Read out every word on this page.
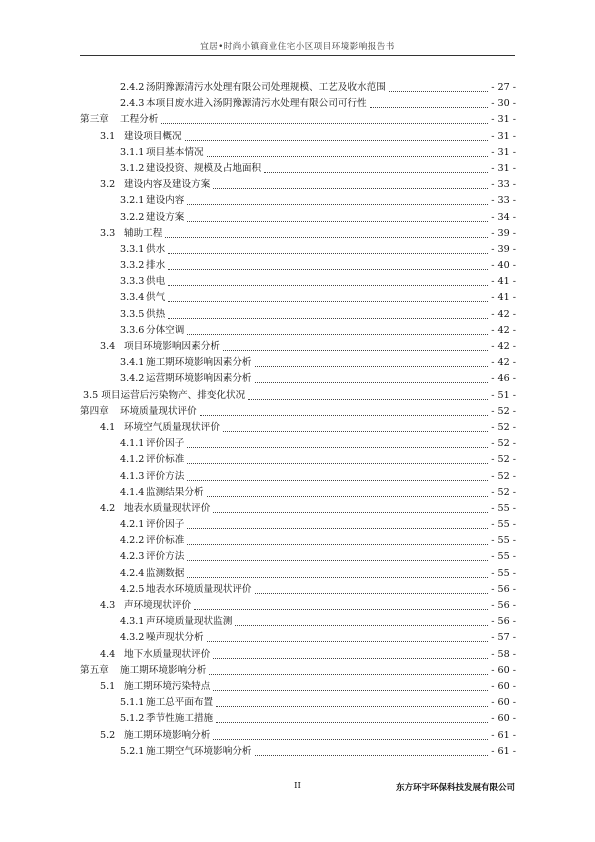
宜居•时尚小镇商业住宅小区项目环境影响报告书
2.4.2 汤阴豫源清污水处理有限公司处理规模、工艺及收水范围	- 27 -
2.4.3 本项目废水进入汤阴豫源清污水处理有限公司可行性	- 30 -
第三章 工程分析	- 31 -
3.1 建设项目概况	- 31 -
3.1.1 项目基本情况	- 31 -
3.1.2 建设投资、规模及占地面积	- 31 -
3.2 建设内容及建设方案	- 33 -
3.2.1 建设内容	- 33 -
3.2.2 建设方案	- 34 -
3.3 辅助工程	- 39 -
3.3.1 供水	- 39 -
3.3.2 排水	- 40 -
3.3.3 供电	- 41 -
3.3.4 供气	- 41 -
3.3.5 供热	- 42 -
3.3.6 分体空调	- 42 -
3.4 项目环境影响因素分析	- 42 -
3.4.1 施工期环境影响因素分析	- 42 -
3.4.2 运营期环境影响因素分析	- 46 -
3.5 项目运营后污染物产、排变化状况	- 51 -
第四章 环境质量现状评价	- 52 -
4.1 环境空气质量现状评价	- 52 -
4.1.1 评价因子	- 52 -
4.1.2 评价标准	- 52 -
4.1.3 评价方法	- 52 -
4.1.4 监测结果分析	- 52 -
4.2 地表水质量现状评价	- 55 -
4.2.1 评价因子	- 55 -
4.2.2 评价标准	- 55 -
4.2.3 评价方法	- 55 -
4.2.4 监测数据	- 55 -
4.2.5 地表水环境质量现状评价	- 56 -
4.3 声环境现状评价	- 56 -
4.3.1 声环境质量现状监测	- 56 -
4.3.2 噪声现状分析	- 57 -
4.4 地下水质量现状评价	- 58 -
第五章 施工期环境影响分析	- 60 -
5.1 施工期环境污染特点	- 60 -
5.1.1 施工总平面布置	- 60 -
5.1.2 季节性施工措施	- 60 -
5.2 施工期环境影响分析	- 61 -
5.2.1 施工期空气环境影响分析	- 61 -
II	东方环宇环保科技发展有限公司
